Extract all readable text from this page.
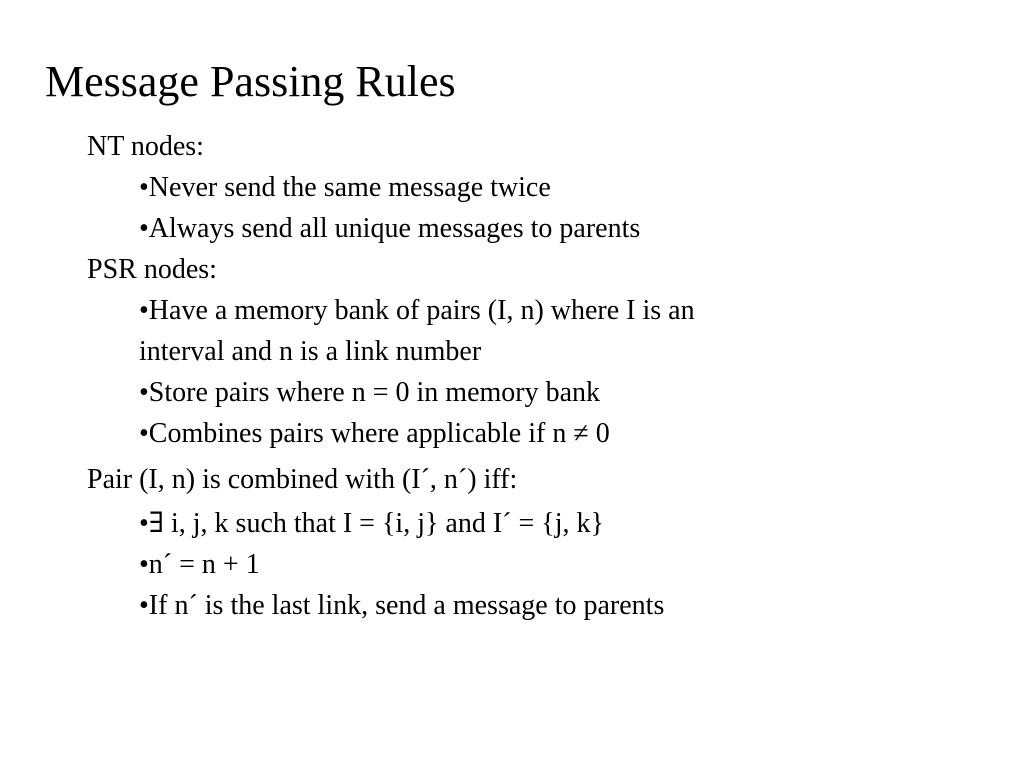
Message Passing Rules
NT nodes:
•Never send the same message twice
•Always send all unique messages to parents
PSR nodes:
•Have a memory bank of pairs (I, n) where I is an
interval and n is a link number
•Store pairs where n = 0 in memory bank
•Combines pairs where applicable if n ≠ 0
Pair (I, n) is combined with (I´, n´) iff:
•∃ i, j, k such that I = {i, j} and I´ = {j, k}
•n´ = n + 1
•If n´ is the last link, send a message to parents
